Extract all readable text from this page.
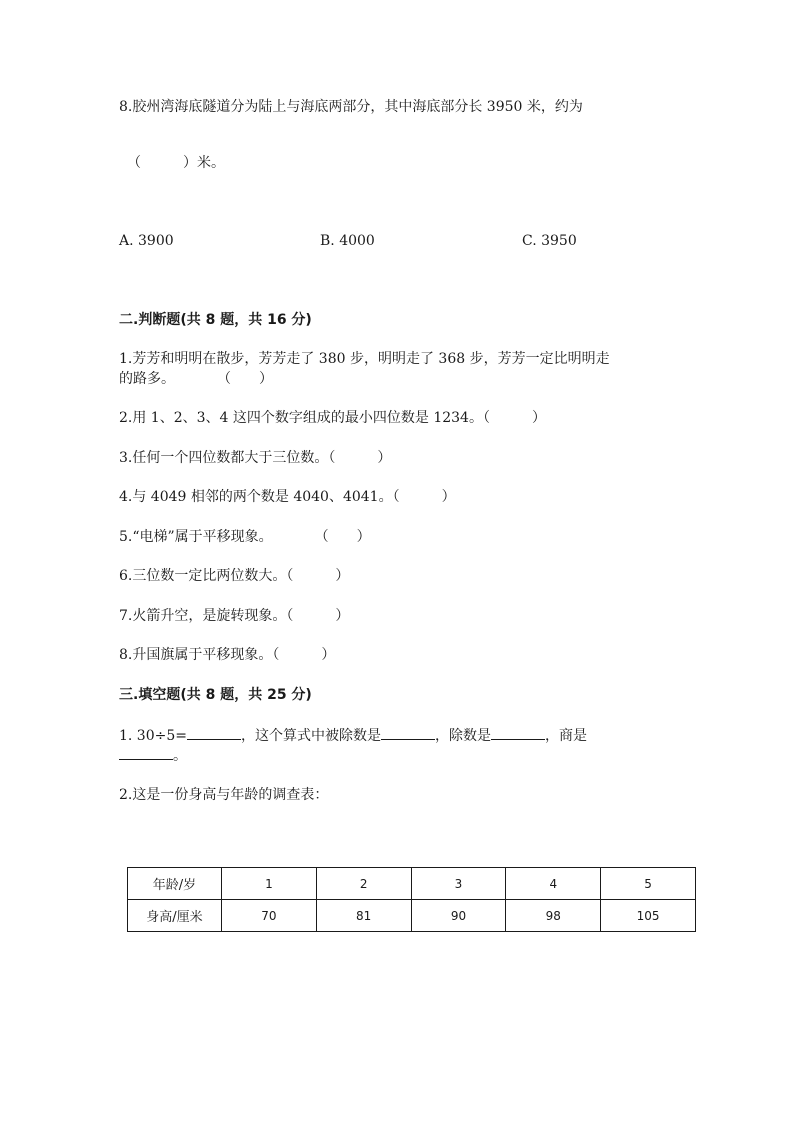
8.胶州湾海底隧道分为陆上与海底两部分，其中海底部分长 3950 米，约为
（　　　）米。
A. 3900	B. 4000	C. 3950
二.判断题(共 8 题，共 16 分)
1.芳芳和明明在散步，芳芳走了 380 步，明明走了 368 步，芳芳一定比明明走
的路多。　　　　（　　）
2.用 1、2、3、4 这四个数字组成的最小四位数是 1234。（　　　）
3.任何一个四位数都大于三位数。（　　　）
4.与 4049 相邻的两个数是 4040、4041。（　　　）
5.“电梯”属于平移现象。　　　　（　　）
6.三位数一定比两位数大。（　　　）
7.火箭升空，是旋转现象。（　　　）
8.升国旗属于平移现象。（　　　）
三.填空题(共 8 题，共 25 分)
1. 30÷5=	，这个算式中被除数是	，除数是	，商是
。
2.这是一份身高与年龄的调查表：
年龄/岁	1	2	3	4	5
身高/厘米	70	81	90	98	105
